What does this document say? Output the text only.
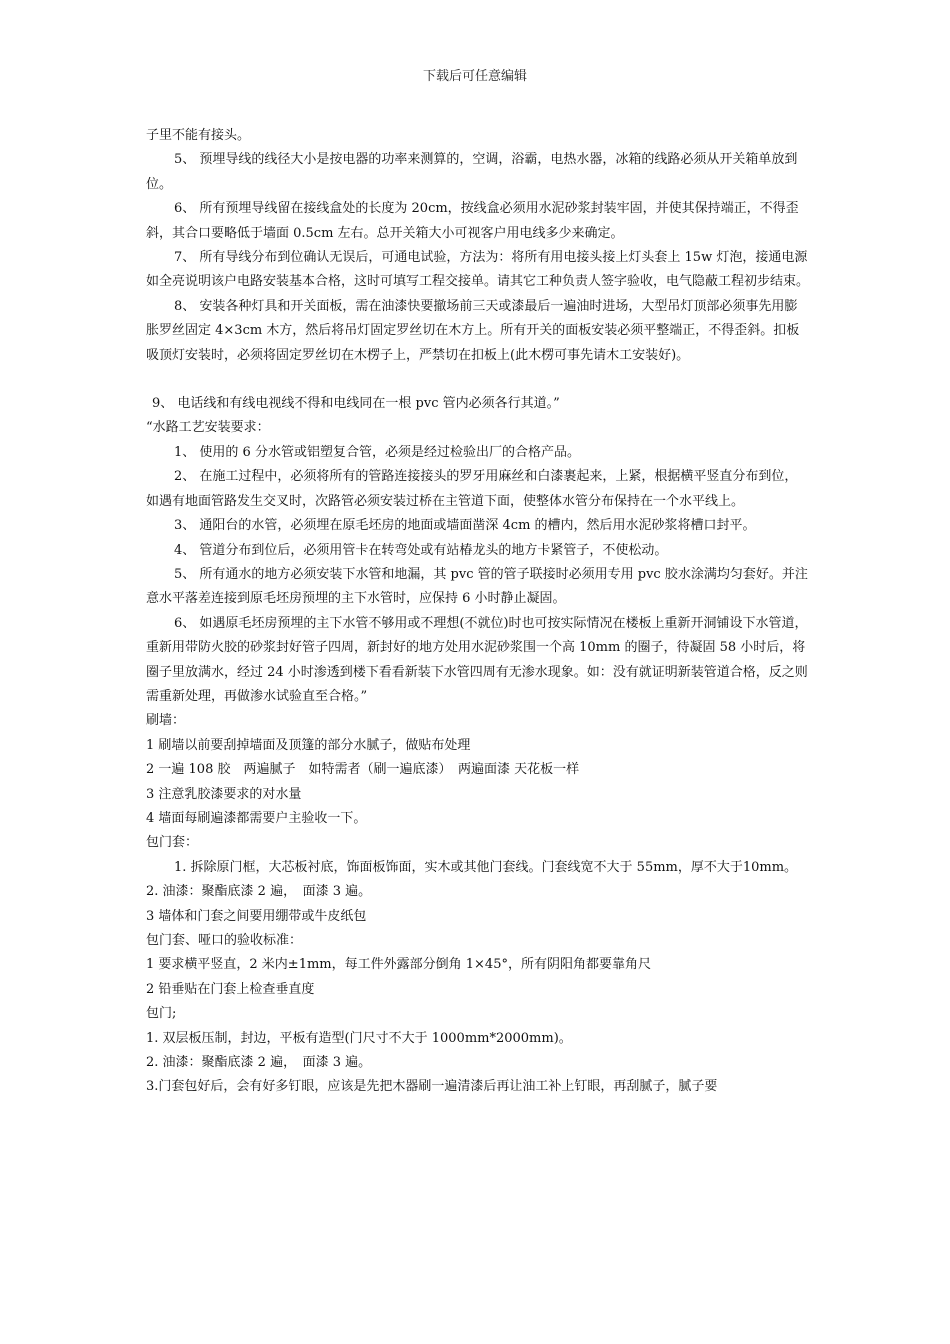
下载后可任意编辑

子里不能有接头。

5、 预埋导线的线径大小是按电器的功率来测算的，空调，浴霸，电热水器，冰箱的线路必须从开关箱单放到位。

6、 所有预埋导线留在接线盒处的长度为 20cm，按线盒必须用水泥砂浆封装牢固，并使其保持端正，不得歪斜，其合口要略低于墙面 0.5cm 左右。总开关箱大小可视客户用电线多少来确定。

7、 所有导线分布到位确认无误后，可通电试验，方法为：将所有用电接头接上灯头套上 15w 灯泡，接通电源如全亮说明该户电路安装基本合格，这时可填写工程交接单。请其它工种负责人签字验收，电气隐蔽工程初步结束。

8、 安装各种灯具和开关面板，需在油漆快要撤场前三天或漆最后一遍油时进场，大型吊灯顶部必须事先用膨胀罗丝固定 4×3cm 木方，然后将吊灯固定罗丝切在木方上。所有开关的面板安装必须平整端正，不得歪斜。扣板吸顶灯安装时，必须将固定罗丝切在木楞子上，严禁切在扣板上(此木楞可事先请木工安装好)。

9、 电话线和有线电视线不得和电线同在一根 pvc 管内必须各行其道。”

“水路工艺安装要求：

1、 使用的 6 分水管或铝塑复合管，必须是经过检验出厂的合格产品。

2、 在施工过程中，必须将所有的管路连接接头的罗牙用麻丝和白漆裹起来，上紧，根据横平竖直分布到位，如遇有地面管路发生交叉时，次路管必须安装过桥在主管道下面，使整体水管分布保持在一个水平线上。

3、 通阳台的水管，必须埋在原毛坯房的地面或墙面凿深 4cm 的槽内，然后用水泥砂浆将槽口封平。

4、 管道分布到位后，必须用管卡在转弯处或有站椿龙头的地方卡紧管子，不使松动。

5、 所有通水的地方必须安装下水管和地漏，其 pvc 管的管子联接时必须用专用 pvc 胶水涂满均匀套好。并注意水平落差连接到原毛坯房预埋的主下水管时，应保持 6 小时静止凝固。

6、 如遇原毛坯房预埋的主下水管不够用或不理想(不就位)时也可按实际情况在楼板上重新开洞铺设下水管道，重新用带防火胶的砂浆封好管子四周，新封好的地方处用水泥砂浆围一个高 10mm 的圈子，待凝固 58 小时后，将圈子里放满水，经过 24 小时渗透到楼下看看新装下水管四周有无渗水现象。如：没有就证明新装管道合格，反之则需重新处理，再做渗水试验直至合格。”

刷墙：

1 刷墙以前要刮掉墙面及顶篷的部分水腻子，做贴布处理

2 一遍 108 胶　两遍腻子　如特需者（刷一遍底漆）　两遍面漆 天花板一样

3 注意乳胶漆要求的对水量

4 墙面每刷遍漆都需要户主验收一下。

包门套：

1. 拆除原门框，大芯板衬底，饰面板饰面，实木或其他门套线。门套线宽不大于 55mm，厚不大于10mm。

2. 油漆：聚酯底漆 2 遍，　面漆 3 遍。

3 墙体和门套之间要用绷带或牛皮纸包

包门套、哑口的验收标准：

1 要求横平竖直，2 米内±1mm，每工件外露部分倒角 1×45°，所有阴阳角都要靠角尺

2 铅垂贴在门套上检查垂直度

包门;

1. 双层板压制，封边，平板有造型(门尺寸不大于 1000mm*2000mm)。

2. 油漆：聚酯底漆 2 遍，　面漆 3 遍。

3.门套包好后，会有好多钉眼，应该是先把木器刷一遍清漆后再让油工补上钉眼，再刮腻子，腻子要
